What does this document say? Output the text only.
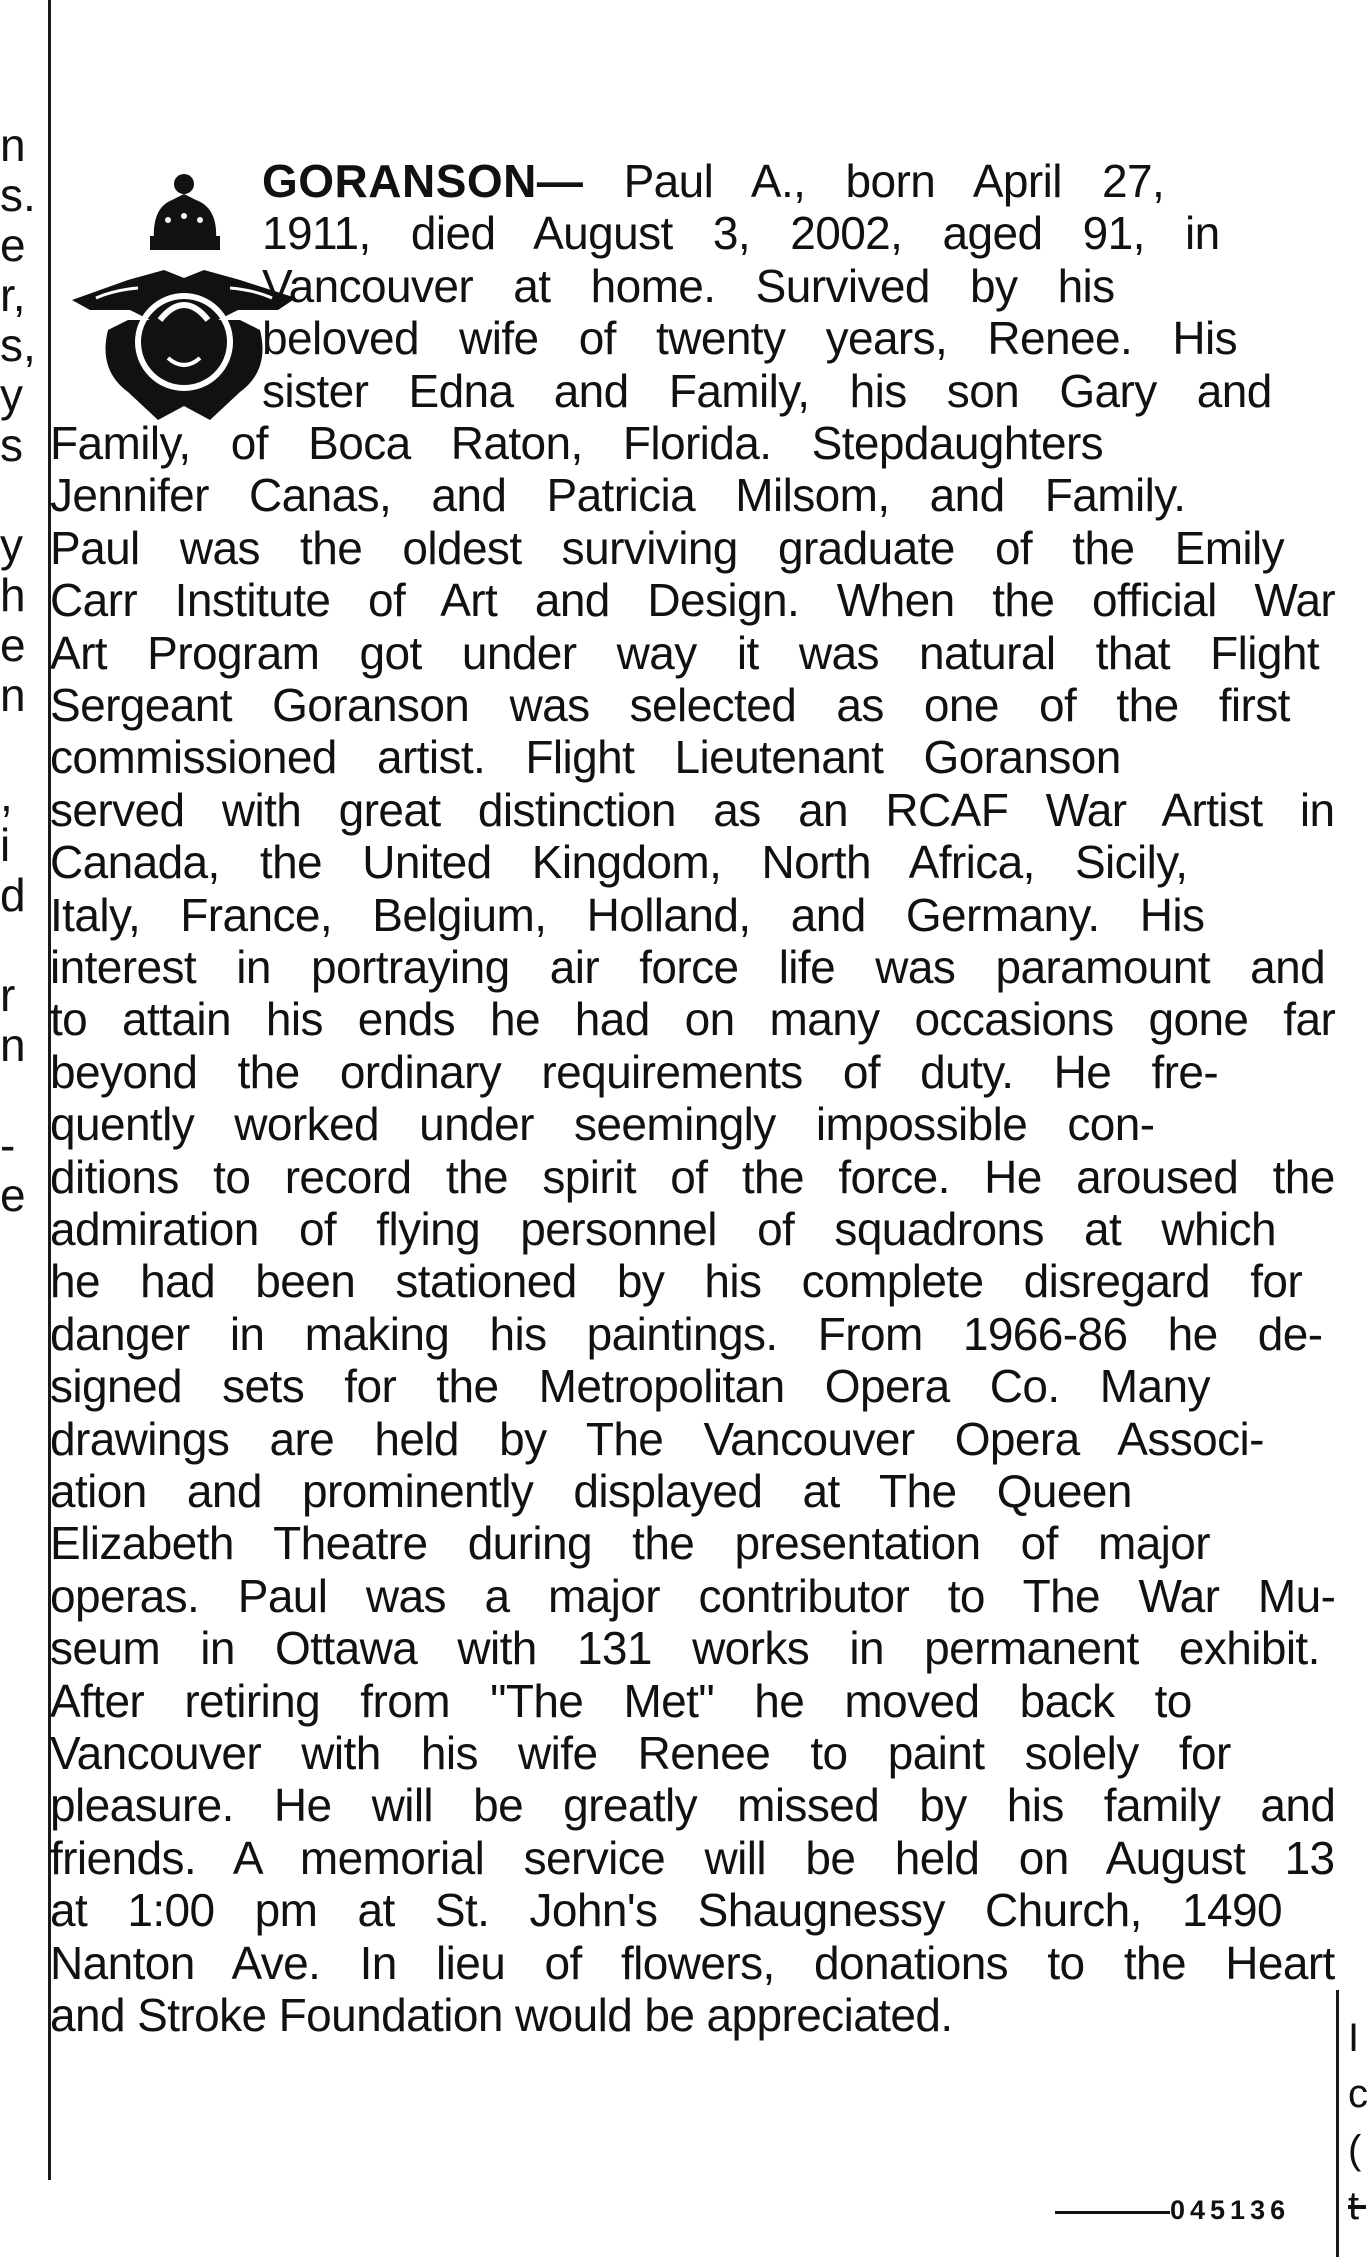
n
s.
e
r,
s,
y
s
y
h
e
n
,
i
d
r
n
-
e
GORANSON— Paul A., born April 27,
1911, died August 3, 2002, aged 91, in
Vancouver at home. Survived by his
beloved wife of twenty years, Renee. His
sister Edna and Family, his son Gary and
Family, of Boca Raton, Florida. Stepdaughters
Jennifer Canas, and Patricia Milsom, and Family.
Paul was the oldest surviving graduate of the Emily
Carr Institute of Art and Design. When the official War
Art Program got under way it was natural that Flight
Sergeant Goranson was selected as one of the first
commissioned artist. Flight Lieutenant Goranson
served with great distinction as an RCAF War Artist in
Canada, the United Kingdom, North Africa, Sicily,
Italy, France, Belgium, Holland, and Germany. His
interest in portraying air force life was paramount and
to attain his ends he had on many occasions gone far
beyond the ordinary requirements of duty. He fre-
quently worked under seemingly impossible con-
ditions to record the spirit of the force. He aroused the
admiration of flying personnel of squadrons at which
he had been stationed by his complete disregard for
danger in making his paintings. From 1966-86 he de-
signed sets for the Metropolitan Opera Co. Many
drawings are held by The Vancouver Opera Associ-
ation and prominently displayed at The Queen
Elizabeth Theatre during the presentation of major
operas. Paul was a major contributor to The War Mu-
seum in Ottawa with 131 works in permanent exhibit.
After retiring from "The Met" he moved back to
Vancouver with his wife Renee to paint solely for
pleasure. He will be greatly missed by his family and
friends. A memorial service will be held on August 13
at 1:00 pm at St. John's Shaugnessy Church, 1490
Nanton Ave. In lieu of flowers, donations to the Heart
and Stroke Foundation would be appreciated.
045136
I
c
(
